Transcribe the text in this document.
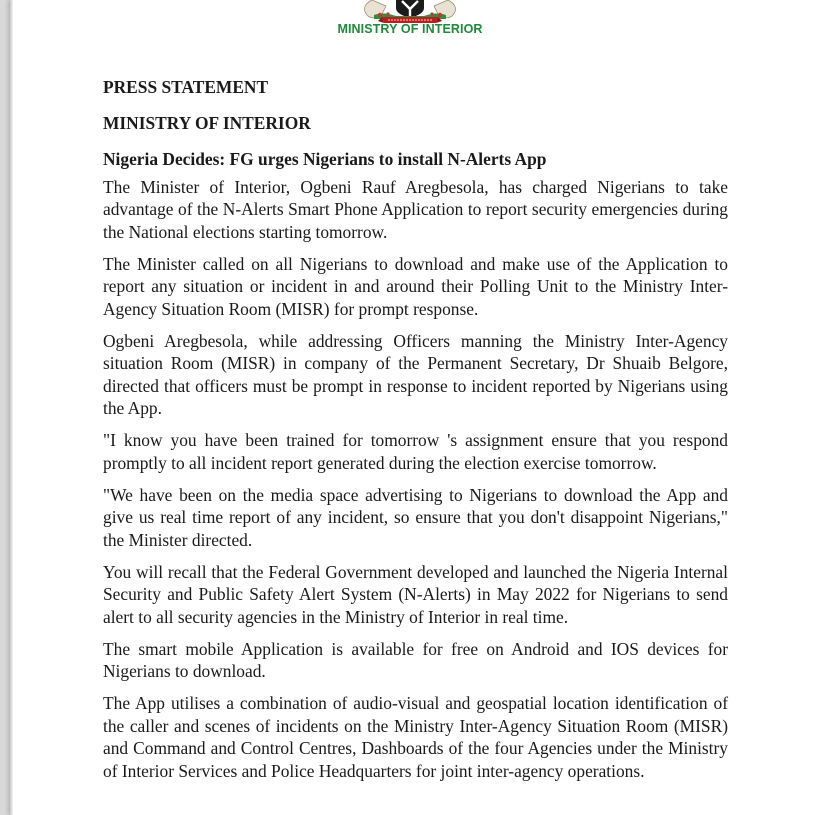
MINISTRY OF INTERIOR
PRESS STATEMENT
MINISTRY OF INTERIOR
Nigeria Decides: FG urges Nigerians to install N-Alerts App

The Minister of Interior, Ogbeni Rauf Aregbesola, has charged Nigerians to take advantage of the N-Alerts Smart Phone Application to report security emergencies during the National elections starting tomorrow.

The Minister called on all Nigerians to download and make use of the Application to report any situation or incident in and around their Polling Unit to the Ministry Inter-Agency Situation Room (MISR) for prompt response.

Ogbeni Aregbesola, while addressing Officers manning the Ministry Inter-Agency situation Room (MISR) in company of the Permanent Secretary, Dr Shuaib Belgore, directed that officers must be prompt in response to incident reported by Nigerians using the App.

"I know you have been trained for tomorrow 's assignment ensure that you respond promptly to all incident report generated during the election exercise tomorrow.

"We have been on the media space advertising to Nigerians to download the App and give us real time report of any incident, so ensure that you don't disappoint Nigerians," the Minister directed.

You will recall that the Federal Government developed and launched the Nigeria Internal Security and Public Safety Alert System (N-Alerts) in May 2022 for Nigerians to send alert to all security agencies in the Ministry of Interior in real time.

The smart mobile Application is available for free on Android and IOS devices for Nigerians to download.

The App utilises a combination of audio-visual and geospatial location identification of the caller and scenes of incidents on the Ministry Inter-Agency Situation Room (MISR) and Command and Control Centres, Dashboards of the four Agencies under the Ministry of Interior Services and Police Headquarters for joint inter-agency operations.
